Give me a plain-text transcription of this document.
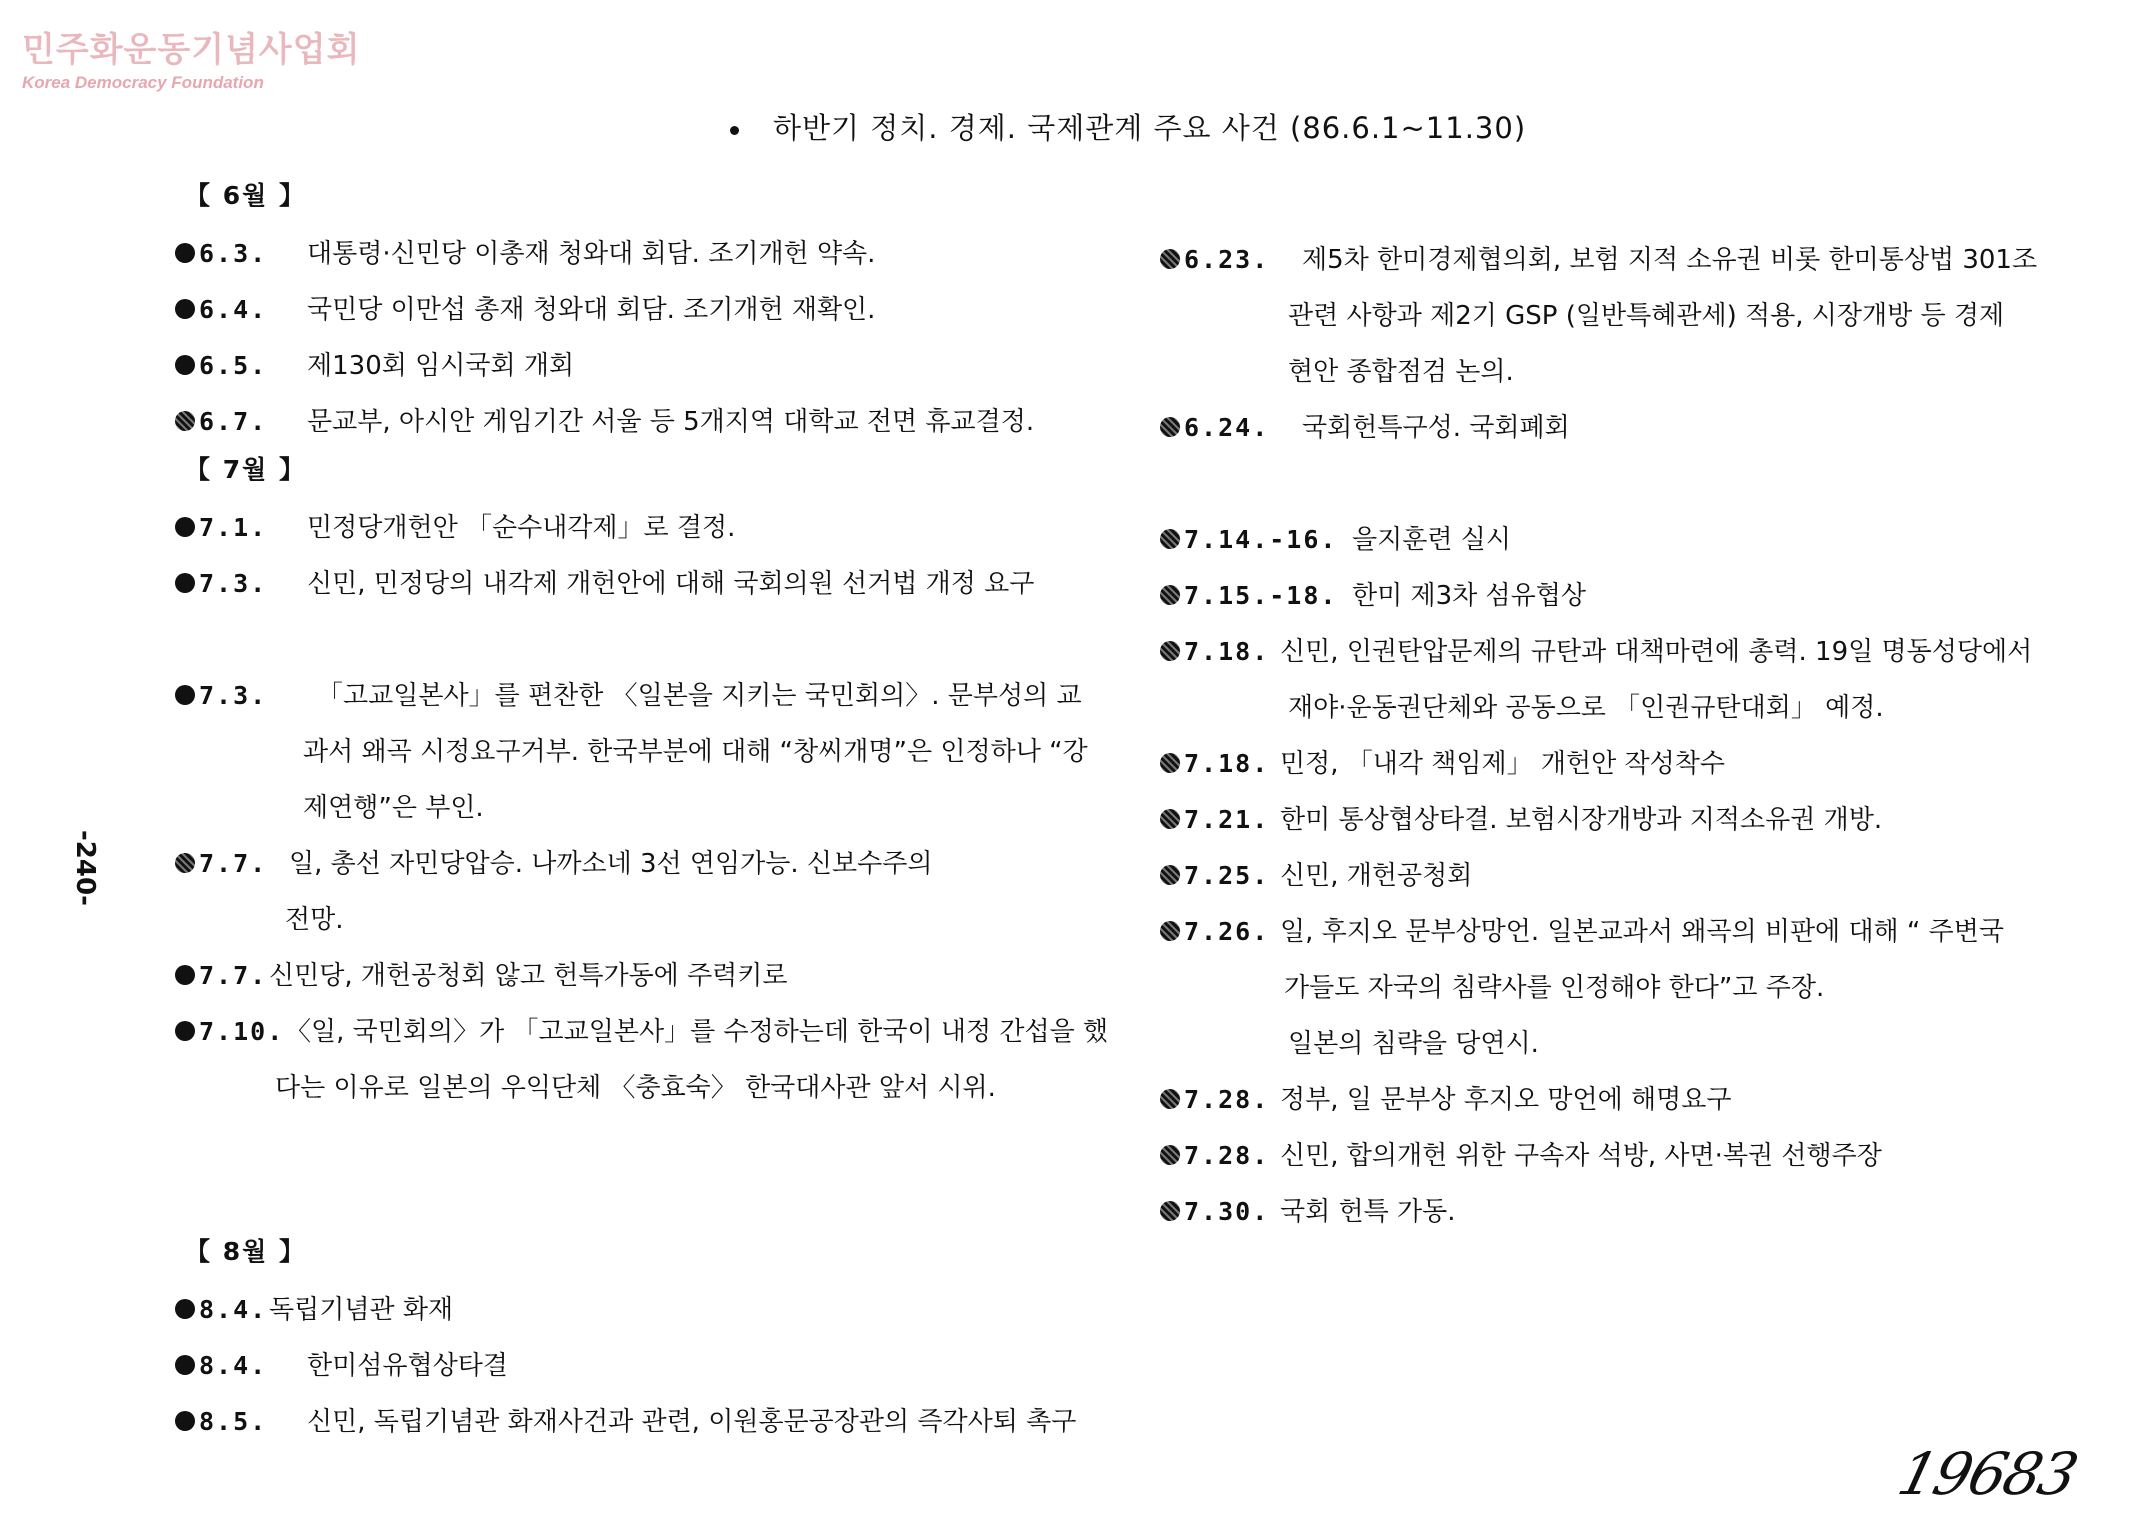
민주화운동기념사업회
Korea Democracy Foundation
하반기 정치. 경제. 국제관계 주요 사건 (86.6.1~11.30)
-240-
【 6월 】
6.3. 대통령·신민당 이총재 청와대 회담. 조기개헌 약속.
6.4. 국민당 이만섭 총재 청와대 회담. 조기개헌 재확인.
6.5. 제130회 임시국회 개회
6.7. 문교부, 아시안 게임기간 서울 등 5개지역 대학교 전면 휴교결정.
【 7월 】
7.1. 민정당개헌안 「순수내각제」로 결정.
7.3. 신민, 민정당의 내각제 개헌안에 대해 국회의원 선거법 개정 요구
7.3. 「고교일본사」를 편찬한 〈일본을 지키는 국민회의〉. 문부성의 교
과서 왜곡 시정요구거부. 한국부분에 대해 “창씨개명”은 인정하나 “강
제연행”은 부인.
7.7. 일, 총선 자민당압승. 나까소네 3선 연임가능. 신보수주의
전망.
7.7.신민당, 개헌공청회 않고 헌특가동에 주력키로
7.10.〈일, 국민회의〉가 「고교일본사」를 수정하는데 한국이 내정 간섭을 했
다는 이유로 일본의 우익단체 〈충효숙〉 한국대사관 앞서 시위.
【 8월 】
8.4.독립기념관 화재
8.4. 한미섬유협상타결
8.5. 신민, 독립기념관 화재사건과 관련, 이원홍문공장관의 즉각사퇴 촉구
6.23. 제5차 한미경제협의회, 보험 지적 소유권 비롯 한미통상법 301조
관련 사항과 제2기 GSP (일반특혜관세) 적용, 시장개방 등 경제
현안 종합점검 논의.
6.24. 국회헌특구성. 국회폐회
7.14.-16. 을지훈련 실시
7.15.-18. 한미 제3차 섬유협상
7.18. 신민, 인권탄압문제의 규탄과 대책마련에 총력. 19일 명동성당에서
재야·운동권단체와 공동으로 「인권규탄대회」 예정.
7.18. 민정, 「내각 책임제」 개헌안 작성착수
7.21. 한미 통상협상타결. 보험시장개방과 지적소유권 개방.
7.25. 신민, 개헌공청회
7.26. 일, 후지오 문부상망언. 일본교과서 왜곡의 비판에 대해 “ 주변국
가들도 자국의 침략사를 인정해야 한다”고 주장.
일본의 침략을 당연시.
7.28. 정부, 일 문부상 후지오 망언에 해명요구
7.28. 신민, 합의개헌 위한 구속자 석방, 사면·복권 선행주장
7.30. 국회 헌특 가동.
19683
